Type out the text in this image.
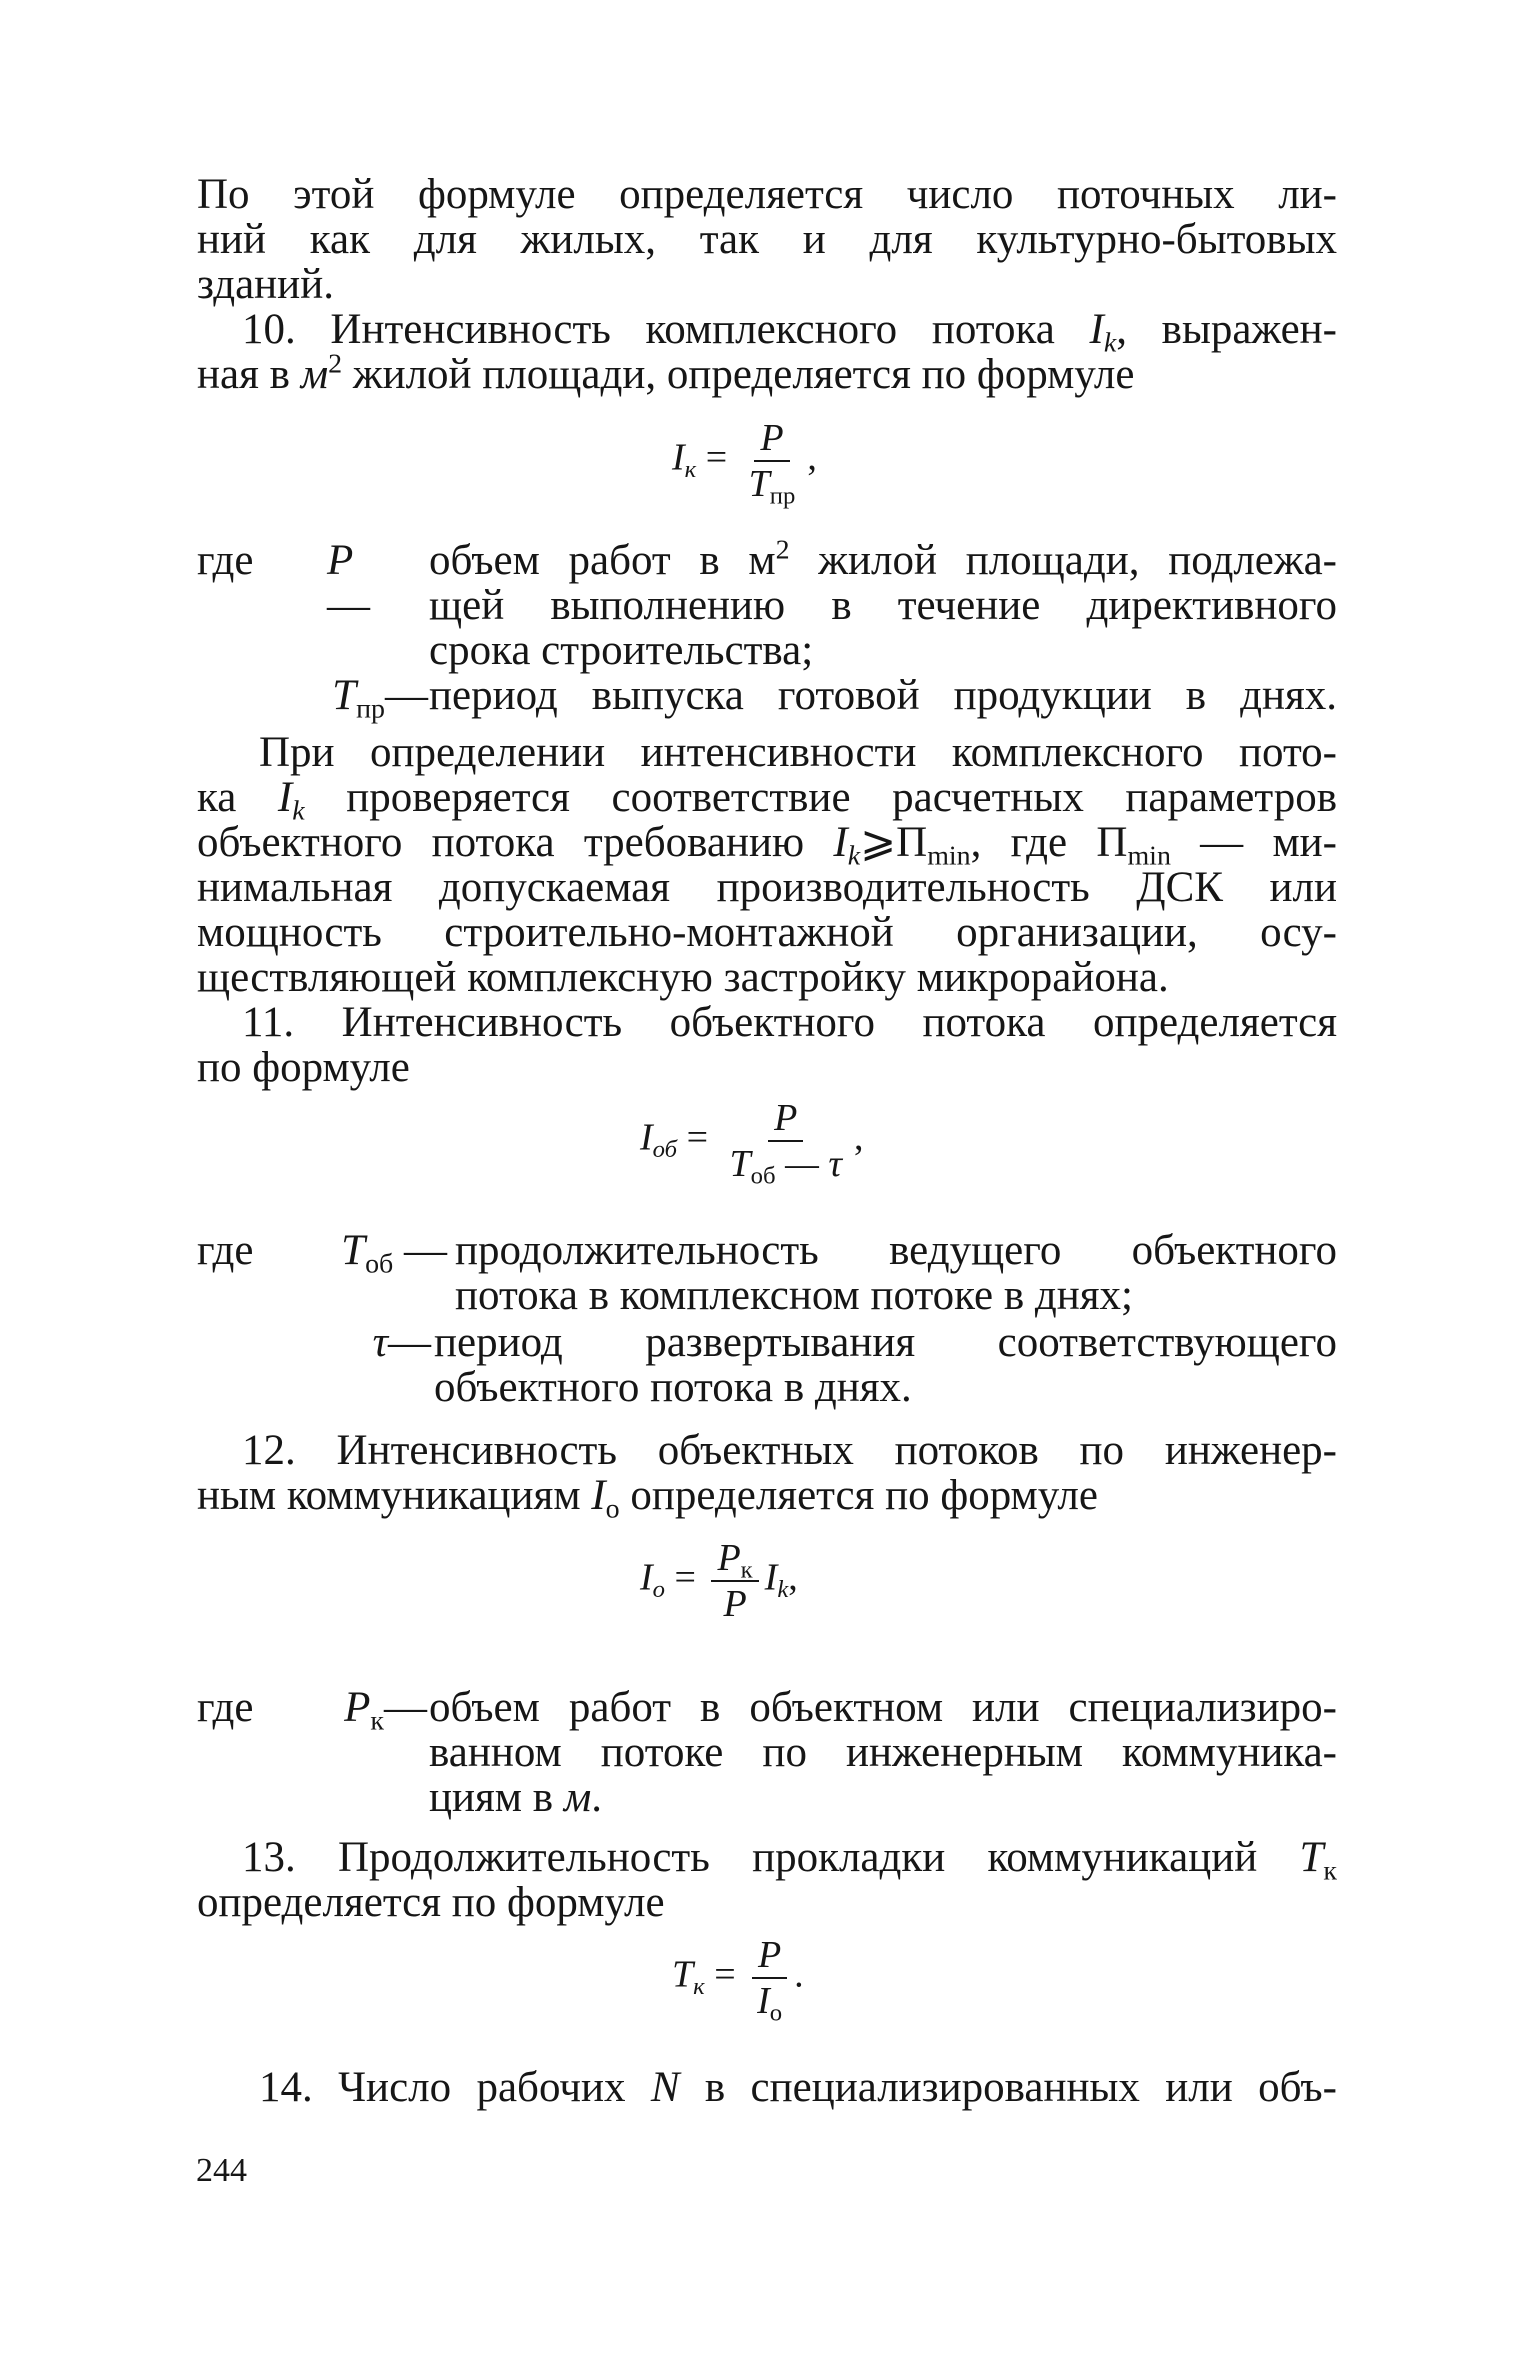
По этой формуле определяется число поточных ли-
ний как для жилых, так и для культурно-бытовых
зданий.
10. Интенсивность комплексного потока $I_k$, выражен-
ная в $м^2$ жилой площади, определяется по формуле
$I_к = \frac{P}{T_{пр}}$ ,
где P —
объем работ в $м^2$ жилой площади, подлежа-
щей выполнению в течение директивного
срока строительства;
$T_{пр}—$ период выпуска готовой продукции в днях.
При определении интенсивности комплексного пото-
ка $I_k$ проверяется соответствие расчетных параметров
объектного потока требованию $I_k⩾П_{min}$, где $П_{min}$ — ми-
нимальная допускаемая производительность ДСК или
мощность строительно-монтажной организации, осу-
ществляющей комплексную застройку микрорайона.
11. Интенсивность объектного потока определяется
по формуле
$I_{об} = \frac{P}{T_{об} — \tau}$ ,
где	$T_{об}$ — продолжительность ведущего объектного
потока в комплексном потоке в днях;
τ— период развертывания соответствующего
объектного потока в днях.
12. Интенсивность объектных потоков по инженер-
ным коммуникациям $I_о$ определяется по формуле
$I_о = \frac{P_к}{P} I_k$,
где	$P_к—$ объем работ в объектном или специализиро-
ванном потоке по инженерным коммуника-
циям в м.
13. Продолжительность прокладки коммуникаций $T_к$
определяется по формуле
$T_к = \frac{P}{I_о}$ .
14. Число рабочих N в специализированных или объ-
244
